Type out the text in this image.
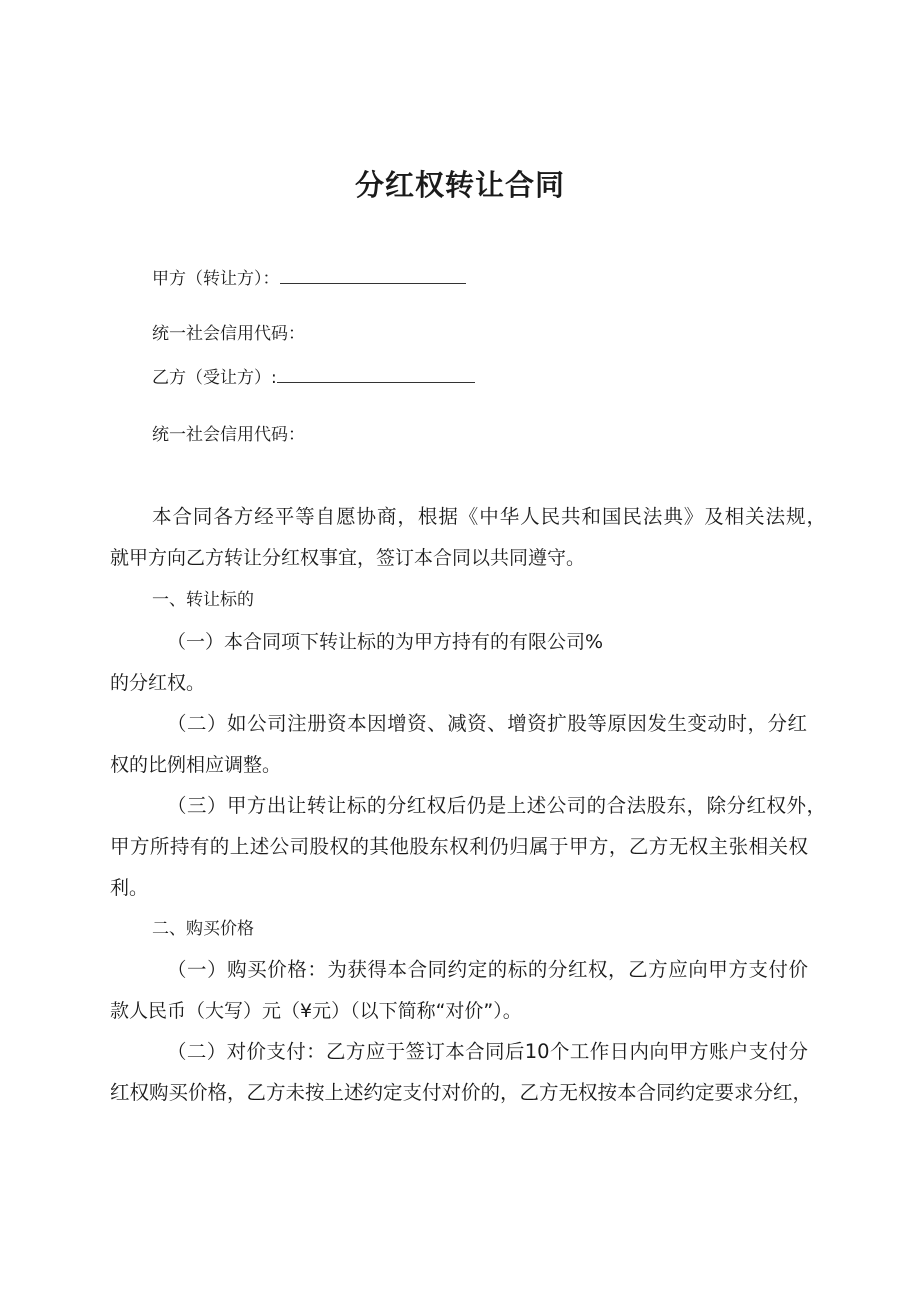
分红权转让合同
甲方（转让方）：
统一社会信用代码：
乙方（受让方）:
统一社会信用代码：
本合同各方经平等自愿协商，根据《中华人民共和国民法典》及相关法规，
就甲方向乙方转让分红权事宜，签订本合同以共同遵守。
一、转让标的
（一）本合同项下转让标的为甲方持有的有限公司%
的分红权。
（二）如公司注册资本因增资、减资、增资扩股等原因发生变动时，分红
权的比例相应调整。
（三）甲方出让转让标的分红权后仍是上述公司的合法股东，除分红权外，
甲方所持有的上述公司股权的其他股东权利仍归属于甲方，乙方无权主张相关权
利。
二、购买价格
（一）购买价格：为获得本合同约定的标的分红权，乙方应向甲方支付价
款人民币（大写）元（¥元）（以下简称“对价”）。
（二）对价支付：乙方应于签订本合同后10个工作日内向甲方账户支付分
红权购买价格，乙方未按上述约定支付对价的，乙方无权按本合同约定要求分红，
